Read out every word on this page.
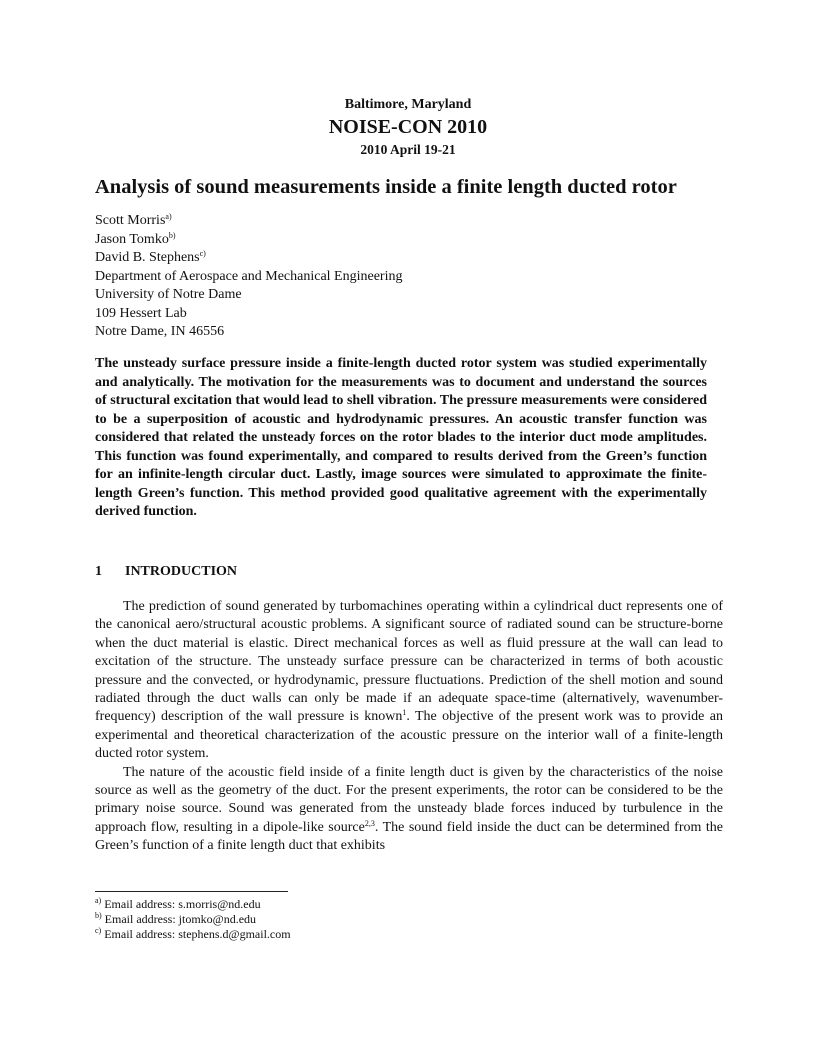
Baltimore, Maryland
NOISE-CON 2010
2010 April 19-21
Analysis of sound measurements inside a finite length ducted rotor
Scott Morris$^{a)}$
Jason Tomko$^{b)}$
David B. Stephens$^{c)}$
Department of Aerospace and Mechanical Engineering
University of Notre Dame
109 Hessert Lab
Notre Dame, IN 46556

The unsteady surface pressure inside a finite-length ducted rotor system was studied experimentally and analytically. The motivation for the measurements was to document and understand the sources of structural excitation that would lead to shell vibration. The pressure measurements were considered to be a superposition of acoustic and hydrodynamic pressures. An acoustic transfer function was considered that related the unsteady forces on the rotor blades to the interior duct mode amplitudes. This function was found experimentally, and compared to results derived from the Green’s function for an infinite-length circular duct. Lastly, image sources were simulated to approximate the finite-length Green’s function. This method provided good qualitative agreement with the experimentally derived function.

1 INTRODUCTION

The prediction of sound generated by turbomachines operating within a cylindrical duct represents one of the canonical aero/structural acoustic problems. A significant source of radiated sound can be structure-borne when the duct material is elastic. Direct mechanical forces as well as fluid pressure at the wall can lead to excitation of the structure. The unsteady surface pressure can be characterized in terms of both acoustic pressure and the convected, or hydrodynamic, pressure fluctuations. Prediction of the shell motion and sound radiated through the duct walls can only be made if an adequate space-time (alternatively, wavenumber-frequency) description of the wall pressure is known$^1$. The objective of the present work was to provide an experimental and theoretical characterization of the acoustic pressure on the interior wall of a finite-length ducted rotor system.

The nature of the acoustic field inside of a finite length duct is given by the characteristics of the noise source as well as the geometry of the duct. For the present experiments, the rotor can be considered to be the primary noise source. Sound was generated from the unsteady blade forces induced by turbulence in the approach flow, resulting in a dipole-like source$^{2,3}$. The sound field inside the duct can be determined from the Green’s function of a finite length duct that exhibits

$^{a)}$ Email address: s.morris@nd.edu
$^{b)}$ Email address: jtomko@nd.edu
$^{c)}$ Email address: stephens.d@gmail.com
